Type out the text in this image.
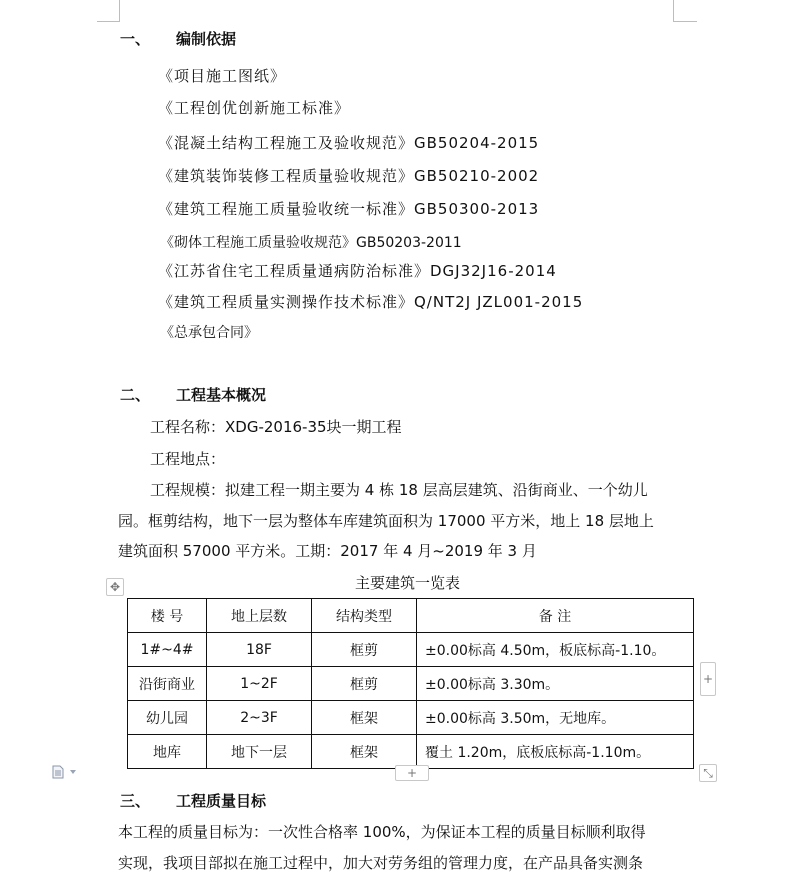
一、 编制依据
《项目施工图纸》
《工程创优创新施工标准》
《混凝土结构工程施工及验收规范》GB50204-2015
《建筑装饰装修工程质量验收规范》GB50210-2002
《建筑工程施工质量验收统一标准》GB50300-2013
《砌体工程施工质量验收规范》GB50203-2011
《江苏省住宅工程质量通病防治标准》DGJ32J16-2014
《建筑工程质量实测操作技术标准》Q/NT2J JZL001-2015
《总承包合同》
二、 工程基本概况
工程名称：XDG-2016-35块一期工程
工程地点：
工程规模：拟建工程一期主要为 4 栋 18 层高层建筑、沿街商业、一个幼儿
园。框剪结构，地下一层为整体车库建筑面积为 17000 平方米，地上 18 层地上
建筑面积 57000 平方米。工期：2017 年 4 月~2019 年 3 月
✥	主要建筑一览表
楼 号	地上层数	结构类型	备 注
1#~4#	18F	框剪	±0.00标高 4.50m，板底标高-1.10。
沿街商业	1~2F	框剪	±0.00标高 3.30m。
幼儿园	2~3F	框架	±0.00标高 3.50m，无地库。
地库	地下一层	框架	覆土 1.20m，底板底标高-1.10m。
+
+	⤡
三、 工程质量目标
本工程的质量目标为：一次性合格率 100%，为保证本工程的质量目标顺利取得
实现，我项目部拟在施工过程中，加大对劳务组的管理力度，在产品具备实测条
